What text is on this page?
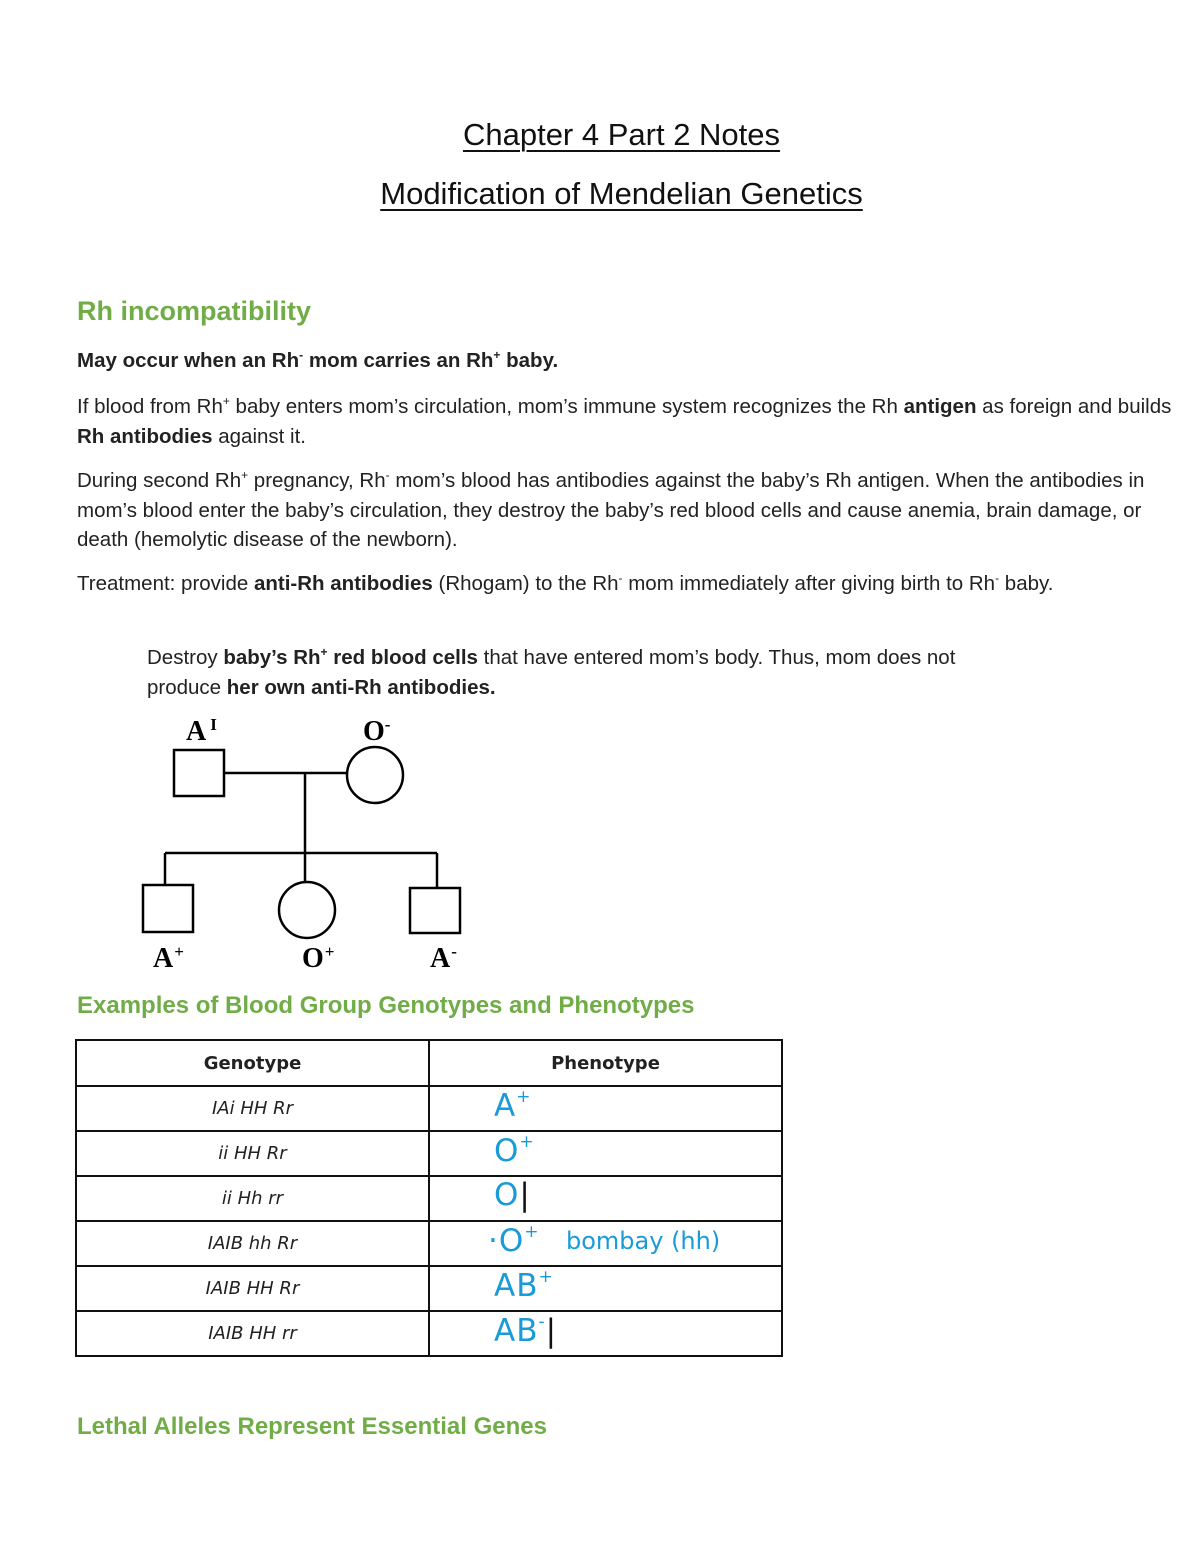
Chapter 4 Part 2 Notes
Modification of Mendelian Genetics
Rh incompatibility

May occur when an Rh- mom carries an Rh+ baby.

If blood from Rh+ baby enters mom’s circulation, mom’s immune system recognizes the Rh antigen as foreign and builds Rh antibodies against it.

During second Rh+ pregnancy, Rh- mom’s blood has antibodies against the baby’s Rh antigen. When the antibodies in mom’s blood enter the baby’s circulation, they destroy the baby’s red blood cells and cause anemia, brain damage, or death (hemolytic disease of the newborn).

Treatment: provide anti-Rh antibodies (Rhogam) to the Rh- mom immediately after giving birth to Rh- baby.

Destroy baby’s Rh+ red blood cells that have entered mom’s body. Thus, mom does not produce her own anti-Rh antibodies.

A $^I$	O-
A+	O+	A-
Examples of Blood Group Genotypes and Phenotypes
Genotype	Phenotype
IAi HH Rr	A+

ii HH Rr	O+

ii Hh rr	O|

IAIB hh Rr	·O+ bombay (hh)

IAIB HH Rr	AB+

IAIB HH rr	AB-|
Lethal Alleles Represent Essential Genes
